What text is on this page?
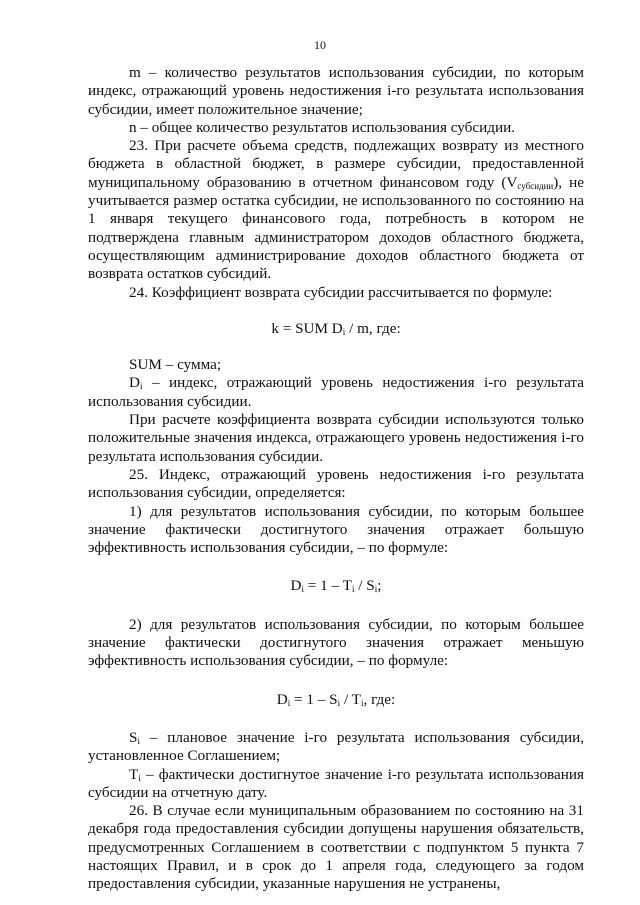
10

m – количество результатов использования субсидии, по которым индекс, отражающий уровень недостижения i-го результата использования субсидии, имеет положительное значение;

n – общее количество результатов использования субсидии.

23. При расчете объема средств, подлежащих возврату из местного бюджета в областной бюджет, в размере субсидии, предоставленной муниципальному образованию в отчетном финансовом году $(V_{субсидии})$, не учитывается размер остатка субсидии, не использованного по состоянию на 1 января текущего финансового года, потребность в котором не подтверждена главным администратором доходов областного бюджета, осуществляющим администрирование доходов областного бюджета от возврата остатков субсидий.

24. Коэффициент возврата субсидии рассчитывается по формуле:

k = SUM $D_i$ / m, где:

SUM – сумма;

$D_i$ – индекс, отражающий уровень недостижения i-го результата использования субсидии.

При расчете коэффициента возврата субсидии используются только положительные значения индекса, отражающего уровень недостижения i-го результата использования субсидии.

25. Индекс, отражающий уровень недостижения i-го результата использования субсидии, определяется:

1) для результатов использования субсидии, по которым большее значение фактически достигнутого значения отражает большую эффективность использования субсидии, – по формуле:

$D_i = 1 - T_i / S_i$;

2) для результатов использования субсидии, по которым большее значение фактически достигнутого значения отражает меньшую эффективность использования субсидии, – по формуле:

$D_i = 1 - S_i / T_i$, где:

$S_i$ – плановое значение i-го результата использования субсидии, установленное Соглашением;

$T_i$ – фактически достигнутое значение i-го результата использования субсидии на отчетную дату.

26. В случае если муниципальным образованием по состоянию на 31 декабря года предоставления субсидии допущены нарушения обязательств, предусмотренных Соглашением в соответствии с подпунктом 5 пункта 7 настоящих Правил, и в срок до 1 апреля года, следующего за годом предоставления субсидии, указанные нарушения не устранены,
